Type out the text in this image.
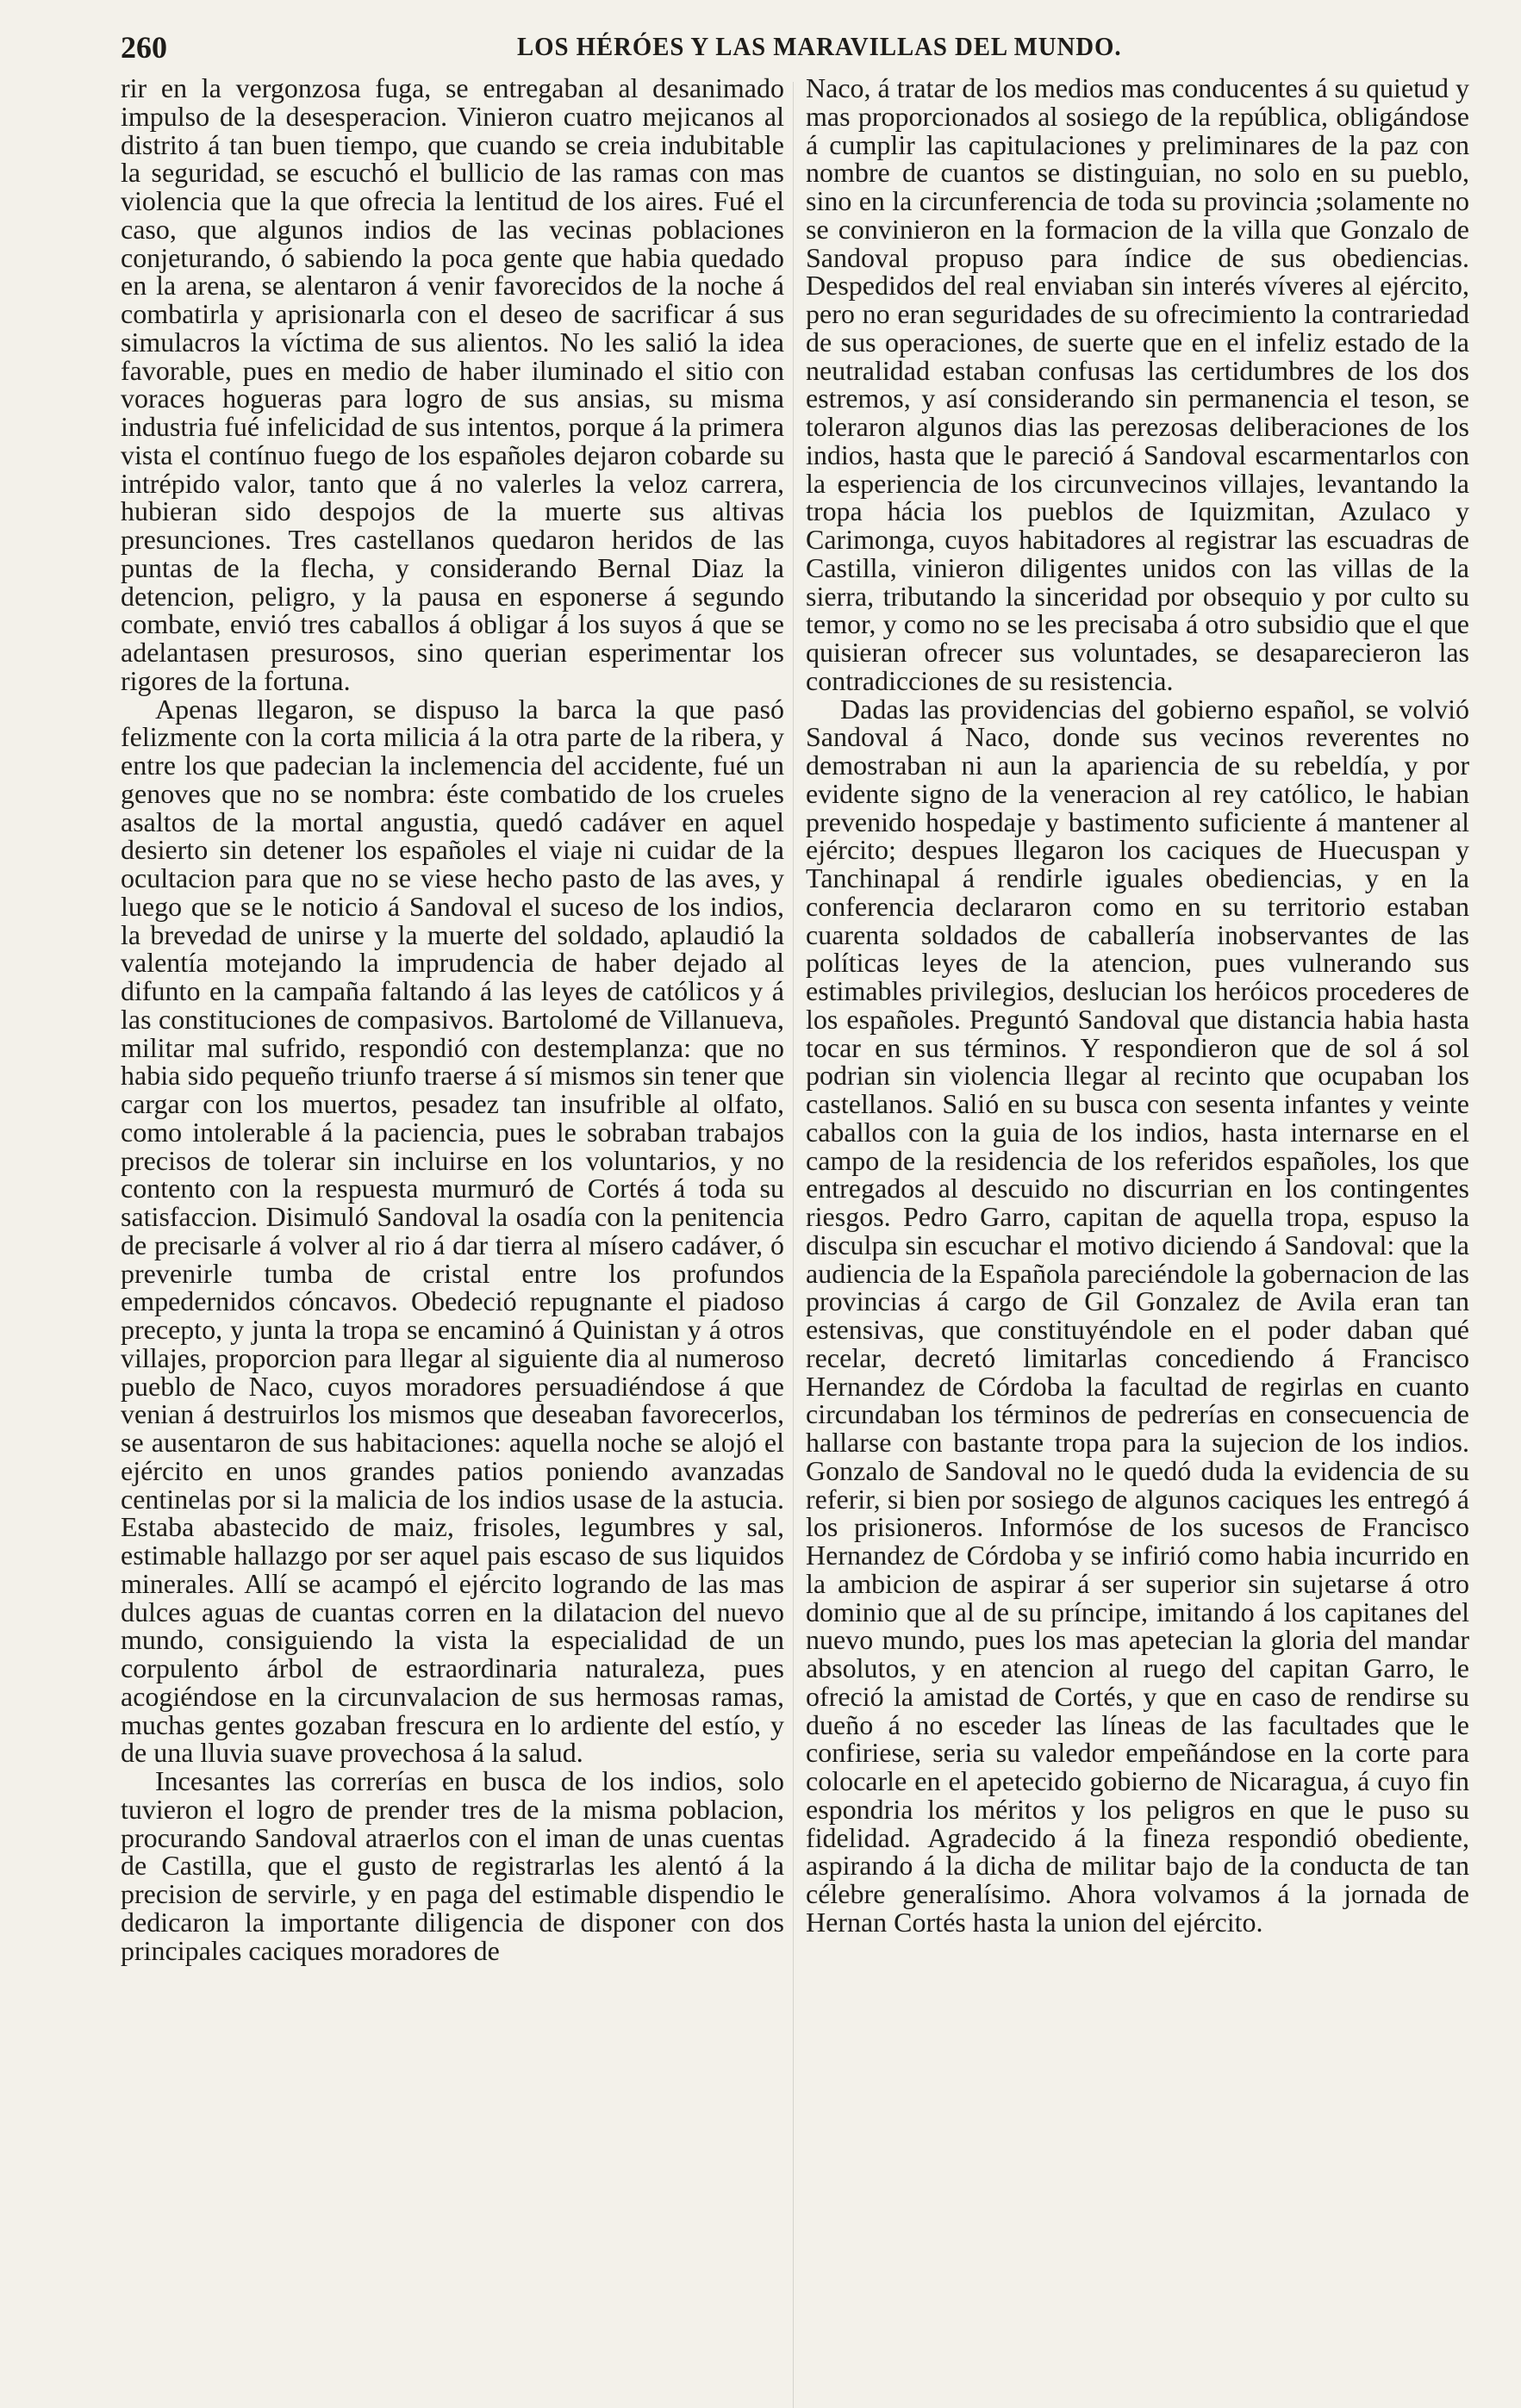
260	LOS HÉRÓES Y LAS MARAVILLAS DEL MUNDO.

rir en la vergonzosa fuga, se entregaban al desanimado impulso de la desesperacion. Vinieron cuatro mejicanos al distrito á tan buen tiempo, que cuando se creia indubitable la seguridad, se escuchó el bullicio de las ramas con mas violencia que la que ofrecia la lentitud de los aires. Fué el caso, que algunos indios de las vecinas poblaciones conjeturando, ó sabiendo la poca gente que habia quedado en la arena, se alentaron á venir favorecidos de la noche á combatirla y aprisionarla con el deseo de sacrificar á sus simulacros la víctima de sus alientos. No les salió la idea favorable, pues en medio de haber iluminado el sitio con voraces hogueras para logro de sus ansias, su misma industria fué infelicidad de sus intentos, porque á la primera vista el contínuo fuego de los españoles dejaron cobarde su intrépido valor, tanto que á no valerles la veloz carrera, hubieran sido despojos de la muerte sus altivas presunciones. Tres castellanos quedaron heridos de las puntas de la flecha, y considerando Bernal Diaz la detencion, peligro, y la pausa en esponerse á segundo combate, envió tres caballos á obligar á los suyos á que se adelantasen presurosos, sino querian esperimentar los rigores de la fortuna.

Apenas llegaron, se dispuso la barca la que pasó felizmente con la corta milicia á la otra parte de la ribera, y entre los que padecian la inclemencia del accidente, fué un genoves que no se nombra: éste combatido de los crueles asaltos de la mortal angustia, quedó cadáver en aquel desierto sin detener los españoles el viaje ni cuidar de la ocultacion para que no se viese hecho pasto de las aves, y luego que se le noticio á Sandoval el suceso de los indios, la brevedad de unirse y la muerte del soldado, aplaudió la valentía motejando la imprudencia de haber dejado al difunto en la campaña faltando á las leyes de católicos y á las constituciones de compasivos. Bartolomé de Villanueva, militar mal sufrido, respondió con destemplanza: que no habia sido pequeño triunfo traerse á sí mismos sin tener que cargar con los muertos, pesadez tan insufrible al olfato, como intolerable á la paciencia, pues le sobraban trabajos precisos de tolerar sin incluirse en los voluntarios, y no contento con la respuesta murmuró de Cortés á toda su satisfaccion. Disimuló Sandoval la osadía con la penitencia de precisarle á volver al rio á dar tierra al mísero cadáver, ó prevenirle tumba de cristal entre los profundos empedernidos cóncavos. Obedeció repugnante el piadoso precepto, y junta la tropa se encaminó á Quinistan y á otros villajes, proporcion para llegar al siguiente dia al numeroso pueblo de Naco, cuyos moradores persuadiéndose á que venian á destruirlos los mismos que deseaban favorecerlos, se ausentaron de sus habitaciones: aquella noche se alojó el ejército en unos grandes patios poniendo avanzadas centinelas por si la malicia de los indios usase de la astucia. Estaba abastecido de maiz, frisoles, legumbres y sal, estimable hallazgo por ser aquel pais escaso de sus liquidos minerales. Allí se acampó el ejército logrando de las mas dulces aguas de cuantas corren en la dilatacion del nuevo mundo, consiguiendo la vista la especialidad de un corpulento árbol de estraordinaria naturaleza, pues acogiéndose en la circunvalacion de sus hermosas ramas, muchas gentes gozaban frescura en lo ardiente del estío, y de una lluvia suave provechosa á la salud.

Incesantes las correrías en busca de los indios, solo tuvieron el logro de prender tres de la misma poblacion, procurando Sandoval atraerlos con el iman de unas cuentas de Castilla, que el gusto de registrarlas les alentó á la precision de servirle, y en paga del estimable dispendio le dedicaron la importante diligencia de disponer con dos principales caciques moradores de

Naco, á tratar de los medios mas conducentes á su quietud y mas proporcionados al sosiego de la república, obligándose á cumplir las capitulaciones y preliminares de la paz con nombre de cuantos se distinguian, no solo en su pueblo, sino en la circunferencia de toda su provincia ;solamente no se convinieron en la formacion de la villa que Gonzalo de Sandoval propuso para índice de sus obediencias. Despedidos del real enviaban sin interés víveres al ejército, pero no eran seguridades de su ofrecimiento la contrariedad de sus operaciones, de suerte que en el infeliz estado de la neutralidad estaban confusas las certidumbres de los dos estremos, y así considerando sin permanencia el teson, se toleraron algunos dias las perezosas deliberaciones de los indios, hasta que le pareció á Sandoval escarmentarlos con la esperiencia de los circunvecinos villajes, levantando la tropa hácia los pueblos de Iquizmitan, Azulaco y Carimonga, cuyos habitadores al registrar las escuadras de Castilla, vinieron diligentes unidos con las villas de la sierra, tributando la sinceridad por obsequio y por culto su temor, y como no se les precisaba á otro subsidio que el que quisieran ofrecer sus voluntades, se desaparecieron las contradicciones de su resistencia.

Dadas las providencias del gobierno español, se volvió Sandoval á Naco, donde sus vecinos reverentes no demostraban ni aun la apariencia de su rebeldía, y por evidente signo de la veneracion al rey católico, le habian prevenido hospedaje y bastimento suficiente á mantener al ejército; despues llegaron los caciques de Huecuspan y Tanchinapal á rendirle iguales obediencias, y en la conferencia declararon como en su territorio estaban cuarenta soldados de caballería inobservantes de las políticas leyes de la atencion, pues vulnerando sus estimables privilegios, deslucian los heróicos procederes de los españoles. Preguntó Sandoval que distancia habia hasta tocar en sus términos. Y respondieron que de sol á sol podrian sin violencia llegar al recinto que ocupaban los castellanos. Salió en su busca con sesenta infantes y veinte caballos con la guia de los indios, hasta internarse en el campo de la residencia de los referidos españoles, los que entregados al descuido no discurrian en los contingentes riesgos. Pedro Garro, capitan de aquella tropa, espuso la disculpa sin escuchar el motivo diciendo á Sandoval: que la audiencia de la Española pareciéndole la gobernacion de las provincias á cargo de Gil Gonzalez de Avila eran tan estensivas, que constituyéndole en el poder daban qué recelar, decretó limitarlas concediendo á Francisco Hernandez de Córdoba la facultad de regirlas en cuanto circundaban los términos de pedrerías en consecuencia de hallarse con bastante tropa para la sujecion de los indios. Gonzalo de Sandoval no le quedó duda la evidencia de su referir, si bien por sosiego de algunos caciques les entregó á los prisioneros. Informóse de los sucesos de Francisco Hernandez de Córdoba y se infirió como habia incurrido en la ambicion de aspirar á ser superior sin sujetarse á otro dominio que al de su príncipe, imitando á los capitanes del nuevo mundo, pues los mas apetecian la gloria del mandar absolutos, y en atencion al ruego del capitan Garro, le ofreció la amistad de Cortés, y que en caso de rendirse su dueño á no esceder las líneas de las facultades que le confiriese, seria su valedor empeñándose en la corte para colocarle en el apetecido gobierno de Nicaragua, á cuyo fin espondria los méritos y los peligros en que le puso su fidelidad. Agradecido á la fineza respondió obediente, aspirando á la dicha de militar bajo de la conducta de tan célebre generalísimo. Ahora volvamos á la jornada de Hernan Cortés hasta la union del ejército.
